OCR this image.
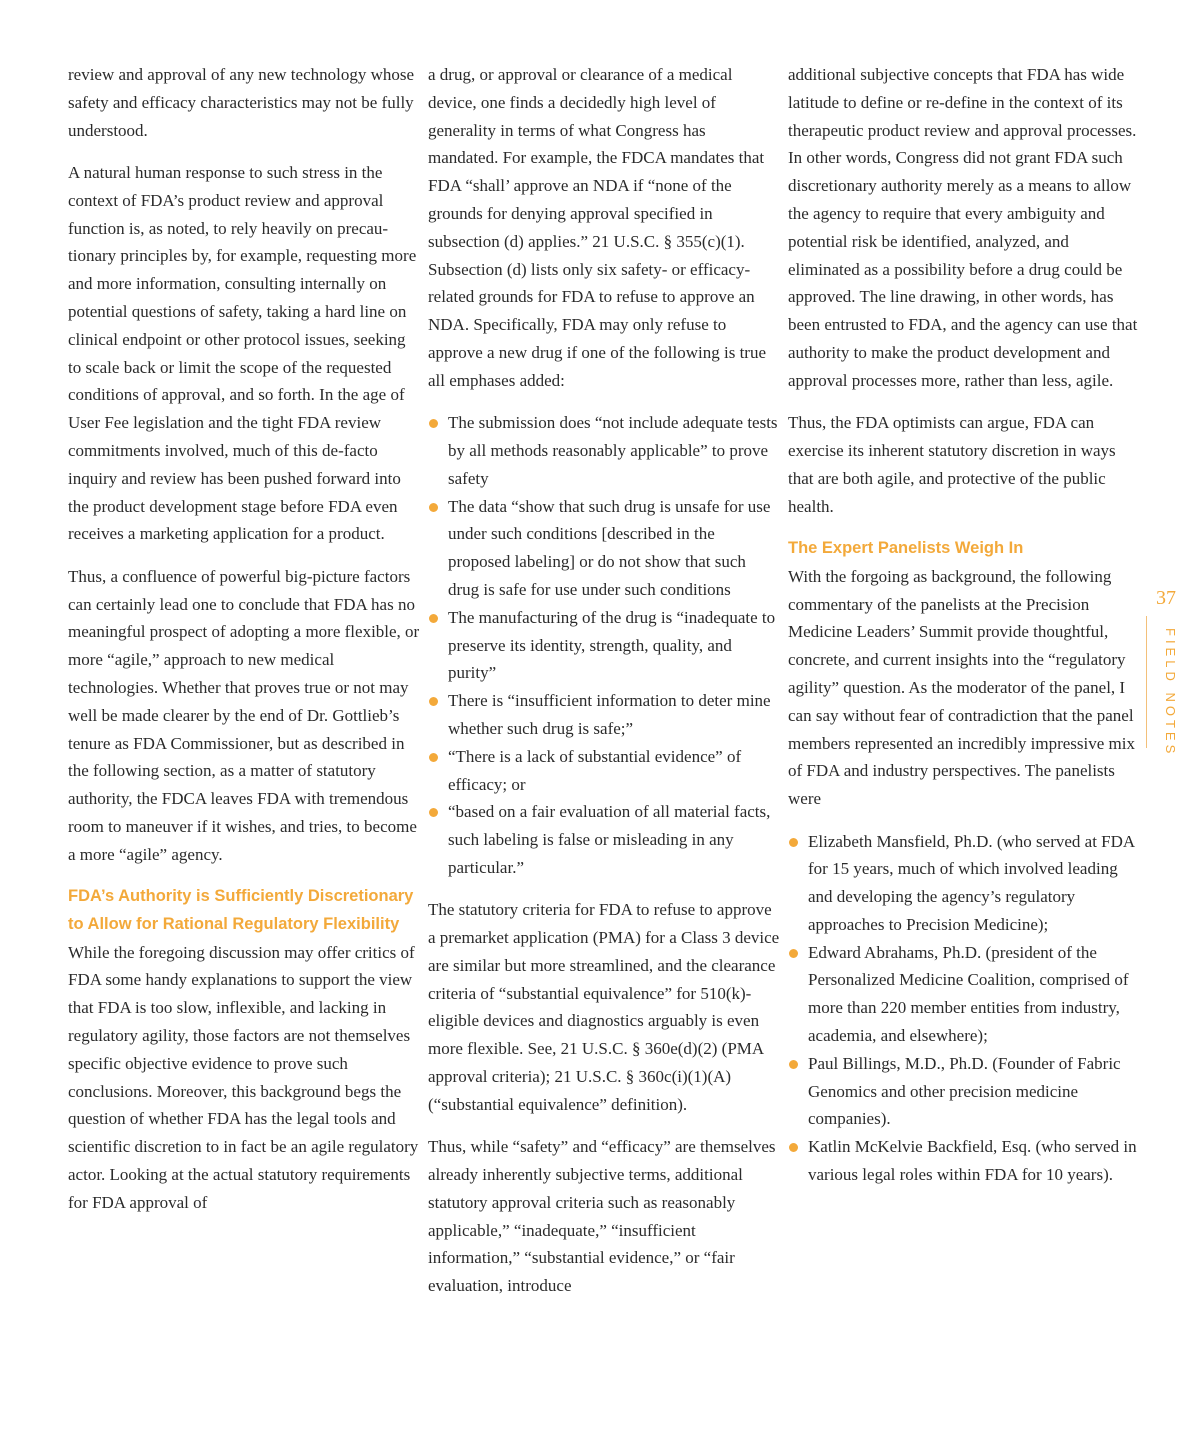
review and approval of any new technology whose safety and efficacy characteristics may not be fully understood.

A natural human response to such stress in the context of FDA’s product review and approval function is, as noted, to rely heavily on precautionary principles by, for example, requesting more and more information, consulting internally on potential questions of safety, taking a hard line on clinical endpoint or other protocol issues, seeking to scale back or limit the scope of the requested conditions of approval, and so forth. In the age of User Fee legislation and the tight FDA review commitments involved, much of this de-facto inquiry and review has been pushed forward into the product development stage before FDA even receives a marketing application for a product.

Thus, a confluence of powerful big-picture factors can certainly lead one to conclude that FDA has no meaningful prospect of adopting a more flexible, or more “agile,” approach to new medical technologies. Whether that proves true or not may well be made clearer by the end of Dr. Gottlieb’s tenure as FDA Commissioner, but as described in the following section, as a matter of statutory authority, the FDCA leaves FDA with tremendous room to maneuver if it wishes, and tries, to become a more “agile” agency.

FDA’s Authority is Sufficiently Discretionary to Allow for Rational Regulatory Flexibility

While the foregoing discussion may offer critics of FDA some handy explanations to support the view that FDA is too slow, inflexible, and lacking in regulatory agility, those factors are not themselves specific objective evidence to prove such conclusions. Moreover, this background begs the question of whether FDA has the legal tools and scientific discretion to in fact be an agile regulatory actor. Looking at the actual statutory requirements for FDA approval of

a drug, or approval or clearance of a medical device, one finds a decidedly high level of generality in terms of what Congress has mandated. For example, the FDCA mandates that FDA “shall’ approve an NDA if “none of the grounds for denying approval specified in subsection (d) applies.” 21 U.S.C. § 355(c)(1). Subsection (d) lists only six safety- or efficacy-related grounds for FDA to refuse to approve an NDA. Specifically, FDA may only refuse to approve a new drug if one of the following is true all emphases added:

The submission does “not include adequate tests by all methods reasonably applicable” to prove safety
The data “show that such drug is unsafe for use under such conditions [described in the proposed labeling] or do not show that such drug is safe for use under such conditions
The manufacturing of the drug is “inadequate to preserve its identity, strength, quality, and purity”
There is “insufficient information to deter mine whether such drug is safe;”
“There is a lack of substantial evidence” of efficacy; or
“based on a fair evaluation of all material facts, such labeling is false or misleading in any particular.”

The statutory criteria for FDA to refuse to approve a premarket application (PMA) for a Class 3 device are similar but more streamlined, and the clearance criteria of “substantial equivalence” for 510(k)-eligible devices and diagnostics arguably is even more flexible. See, 21 U.S.C. § 360e(d)(2) (PMA approval criteria); 21 U.S.C. § 360c(i)(1)(A) (“substantial equivalence” definition).

Thus, while “safety” and “efficacy” are themselves already inherently subjective terms, additional statutory approval criteria such as reasonably applicable,” “inadequate,” “insufficient information,” “substantial evidence,” or “fair evaluation, introduce

additional subjective concepts that FDA has wide latitude to define or re-define in the context of its therapeutic product review and approval processes. In other words, Congress did not grant FDA such discretionary authority merely as a means to allow the agency to require that every ambiguity and potential risk be identified, analyzed, and eliminated as a possibility before a drug could be approved. The line drawing, in other words, has been entrusted to FDA, and the agency can use that authority to make the product development and approval processes more, rather than less, agile.

Thus, the FDA optimists can argue, FDA can exercise its inherent statutory discretion in ways that are both agile, and protective of the public health.

The Expert Panelists Weigh In

With the forgoing as background, the following commentary of the panelists at the Precision Medicine Leaders’ Summit provide thoughtful, concrete, and current insights into the “regulatory agility” question. As the moderator of the panel, I can say without fear of contradiction that the panel members represented an incredibly impressive mix of FDA and industry perspectives. The panelists were

Elizabeth Mansfield, Ph.D. (who served at FDA for 15 years, much of which involved leading and developing the agency’s regulatory approaches to Precision Medicine);
Edward Abrahams, Ph.D. (president of the Personalized Medicine Coalition, comprised of more than 220 member entities from industry, academia, and elsewhere);
Paul Billings, M.D., Ph.D. (Founder of Fabric Genomics and other precision medicine companies).
Katlin McKelvie Backfield, Esq. (who served in various legal roles within FDA for 10 years).
37
FIELD NOTES
